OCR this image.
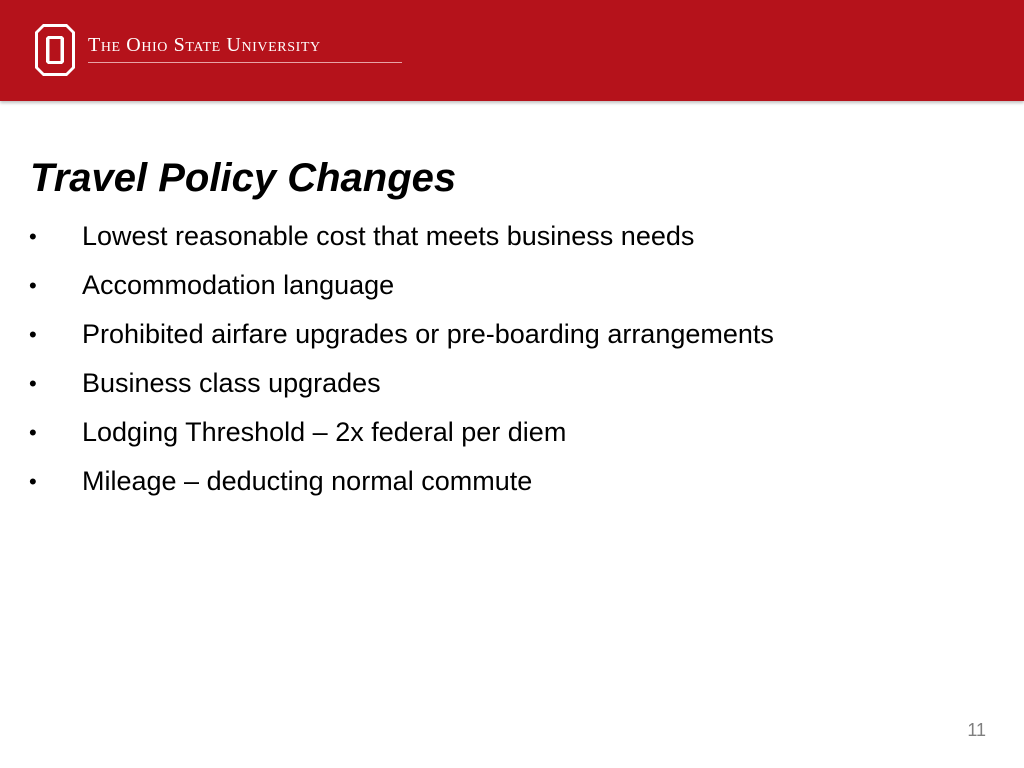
The Ohio State University
Travel Policy Changes
• Lowest reasonable cost that meets business needs
• Accommodation language
• Prohibited airfare upgrades or pre-boarding arrangements
• Business class upgrades
• Lodging Threshold – 2x federal per diem
• Mileage – deducting normal commute
11
